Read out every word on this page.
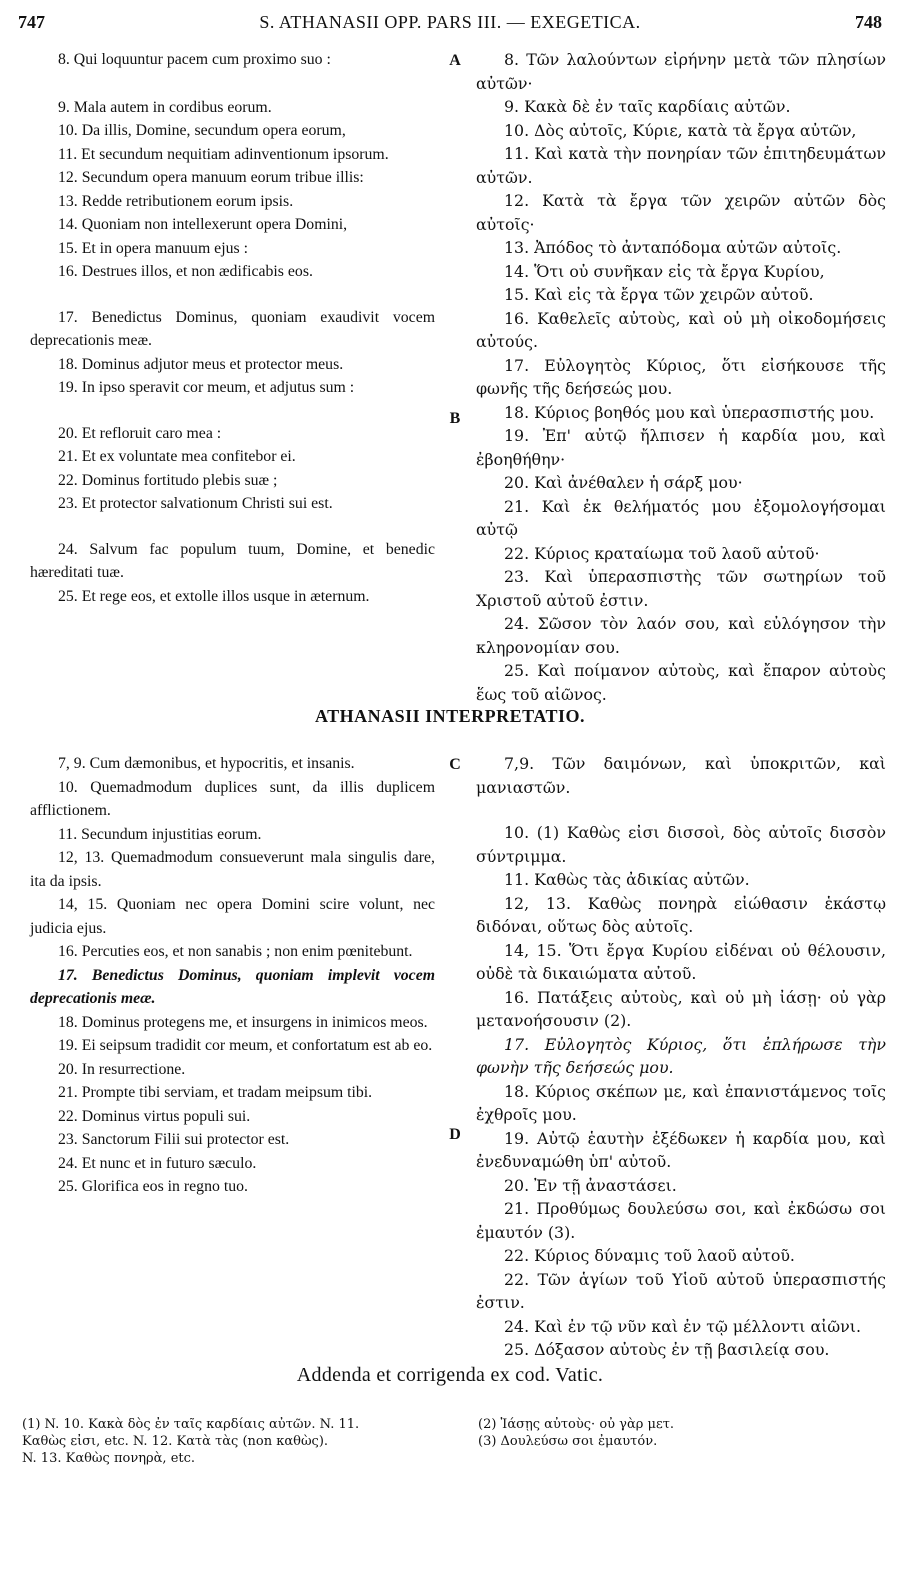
747	S. ATHANASII OPP. PARS III. — EXEGETICA.	748

8. Qui loquuntur pacem cum proximo suo :

9. Mala autem in cordibus eorum.

10. Da illis, Domine, secundum opera eorum,

11. Et secundum nequitiam adinventionum ipsorum.

12. Secundum opera manuum eorum tribue illis:

13. Redde retributionem eorum ipsis.

14. Quoniam non intellexerunt opera Domini,

15. Et in opera manuum ejus :

16. Destrues illos, et non ædificabis eos.

17. Benedictus Dominus, quoniam exaudivit vocem deprecationis meæ.

18. Dominus adjutor meus et protector meus.

19. In ipso speravit cor meum, et adjutus sum :

20. Et refloruit caro mea :

21. Et ex voluntate mea confitebor ei.

22. Dominus fortitudo plebis suæ ;

23. Et protector salvationum Christi sui est.

24. Salvum fac populum tuum, Domine, et benedic hæreditati tuæ.

25. Et rege eos, et extolle illos usque in æternum.

A
B

8. Τῶν λαλούντων εἰρήνην μετὰ τῶν πλησίων αὐτῶν·

9. Κακὰ δὲ ἐν ταῖς καρδίαις αὐτῶν.

10. Δὸς αὐτοῖς, Κύριε, κατὰ τὰ ἔργα αὐτῶν,

11. Καὶ κατὰ τὴν πονηρίαν τῶν ἐπιτηδευμάτων αὐτῶν.

12. Κατὰ τὰ ἔργα τῶν χειρῶν αὐτῶν δὸς αὐτοῖς·

13. Ἀπόδος τὸ ἀνταπόδομα αὐτῶν αὐτοῖς.

14. Ὅτι οὐ συνῆκαν εἰς τὰ ἔργα Κυρίου,

15. Καὶ εἰς τὰ ἔργα τῶν χειρῶν αὐτοῦ.

16. Καθελεῖς αὐτοὺς, καὶ οὐ μὴ οἰκοδομήσεις αὐτούς.

17. Εὐλογητὸς Κύριος, ὅτι εἰσήκουσε τῆς φωνῆς τῆς δεήσεώς μου.

18. Κύριος βοηθός μου καὶ ὑπερασπιστής μου.

19. Ἐπ' αὐτῷ ἤλπισεν ἡ καρδία μου, καὶ ἐβοηθήθην·

20. Καὶ ἀνέθαλεν ἡ σάρξ μου·

21. Καὶ ἐκ θελήματός μου ἐξομολογήσομαι αὐτῷ

22. Κύριος κραταίωμα τοῦ λαοῦ αὐτοῦ·

23. Καὶ ὑπερασπιστὴς τῶν σωτηρίων τοῦ Χριστοῦ αὐτοῦ ἐστιν.

24. Σῶσον τὸν λαόν σου, καὶ εὐλόγησον τὴν κληρονομίαν σου.

25. Καὶ ποίμανον αὐτοὺς, καὶ ἔπαρον αὐτοὺς ἕως τοῦ αἰῶνος.

ATHANASII INTERPRETATIO.

7, 9. Cum dæmonibus, et hypocritis, et insanis.

10. Quemadmodum duplices sunt, da illis duplicem afflictionem.

11. Secundum injustitias eorum.

12, 13. Quemadmodum consueverunt mala singulis dare, ita da ipsis.

14, 15. Quoniam nec opera Domini scire volunt, nec judicia ejus.

16. Percuties eos, et non sanabis ; non enim pœnitebunt.

17. Benedictus Dominus, quoniam implevit vocem deprecationis meæ.

18. Dominus protegens me, et insurgens in inimicos meos.

19. Ei seipsum tradidit cor meum, et confortatum est ab eo.

20. In resurrectione.

21. Prompte tibi serviam, et tradam meipsum tibi.

22. Dominus virtus populi sui.

23. Sanctorum Filii sui protector est.

24. Et nunc et in futuro sæculo.

25. Glorifica eos in regno tuo.

C
D

7,9. Τῶν δαιμόνων, καὶ ὑποκριτῶν, καὶ μανιαστῶν.

10. (1) Καθὼς εἰσι δισσοὶ, δὸς αὐτοῖς δισσὸν σύντριμμα.

11. Καθὼς τὰς ἀδικίας αὐτῶν.

12, 13. Καθὼς πονηρὰ εἰώθασιν ἑκάστῳ διδόναι, οὕτως δὸς αὐτοῖς.

14, 15. Ὅτι ἔργα Κυρίου εἰδέναι οὐ θέλουσιν, οὐδὲ τὰ δικαιώματα αὐτοῦ.

16. Πατάξεις αὐτοὺς, καὶ οὐ μὴ ἰάσῃ· οὐ γὰρ μετανοήσουσιν (2).

17. Εὐλογητὸς Κύριος, ὅτι ἐπλήρωσε τὴν φωνὴν τῆς δεήσεώς μου.

18. Κύριος σκέπων με, καὶ ἐπανιστάμενος τοῖς ἐχθροῖς μου.

19. Αὐτῷ ἑαυτὴν ἐξέδωκεν ἡ καρδία μου, καὶ ἐνεδυναμώθη ὑπ' αὐτοῦ.

20. Ἐν τῇ ἀναστάσει.

21. Προθύμως δουλεύσω σοι, καὶ ἐκδώσω σοι ἐμαυτόν (3).

22. Κύριος δύναμις τοῦ λαοῦ αὐτοῦ.

22. Τῶν ἁγίων τοῦ Υἱοῦ αὐτοῦ ὑπερασπιστής ἐστιν.

24. Καὶ ἐν τῷ νῦν καὶ ἐν τῷ μέλλοντι αἰῶνι.

25. Δόξασον αὐτοὺς ἐν τῇ βασιλείᾳ σου.

Addenda et corrigenda ex cod. Vatic.
(1) N. 10. Κακὰ δὸς ἐν ταῖς καρδίαις αὐτῶν. N. 11.
Καθὼς εἰσι, etc. N. 12. Κατὰ τὰς (non καθὼς).
N. 13. Καθὼς πονηρὰ, etc.
(2) Ἰάσῃς αὐτοὺς· οὐ γὰρ μετ.
(3) Δουλεύσω σοι ἐμαυτόν.
